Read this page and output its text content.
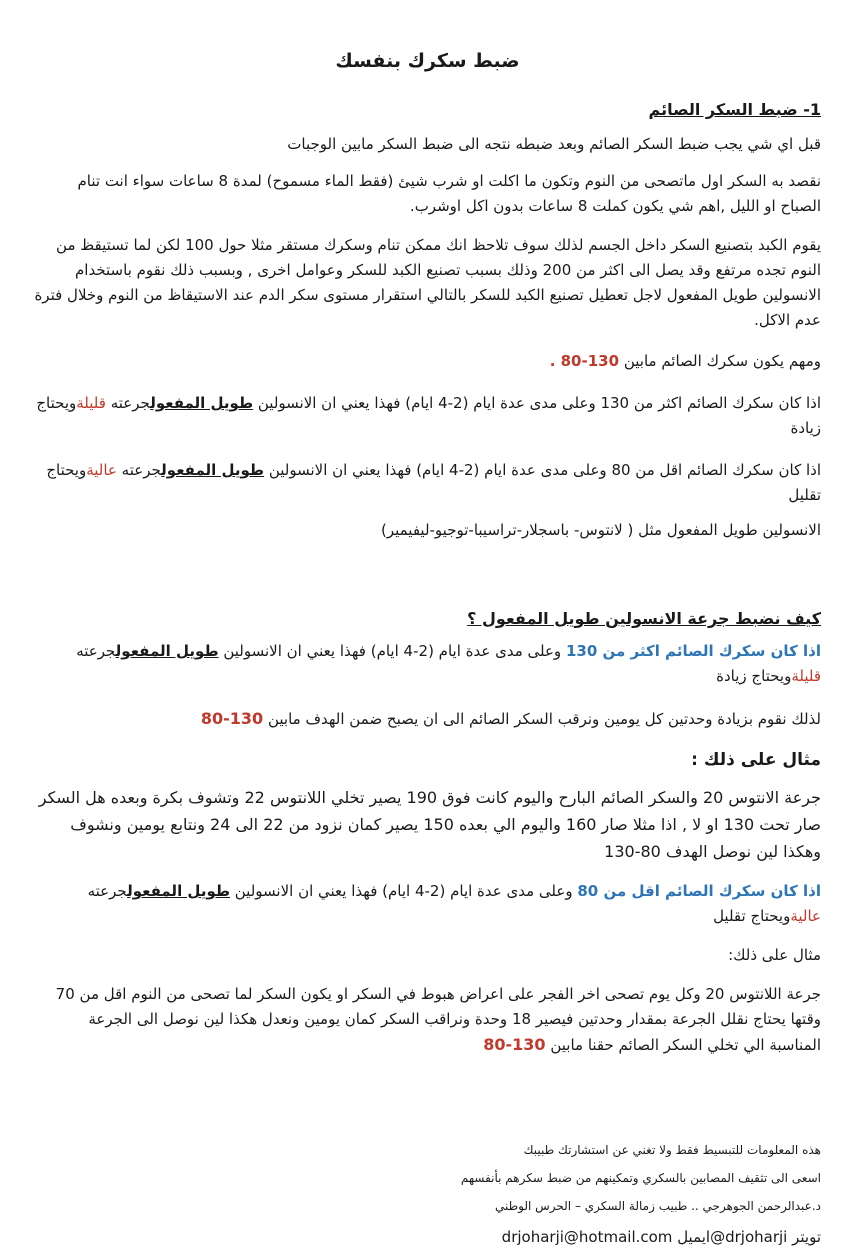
ضبط سكرك بنفسك
1- ضبط السكر الصائم

قبل اي شي يجب ضبط السكر الصائم وبعد ضبطه نتجه الى ضبط السكر مابين الوجبات

نقصد به السكر اول ماتصحى من النوم وتكون ما اكلت او شرب شيئ (فقط الماء مسموح) لمدة 8 ساعات سواء انت تنام الصباح او الليل ,اهم شي يكون كملت 8 ساعات بدون اكل اوشرب.

يقوم الكبد بتصنيع السكر داخل الجسم لذلك سوف تلاحظ انك ممكن تنام وسكرك مستقر مثلا حول 100 لكن لما تستيقظ من النوم تجده مرتفع وقد يصل الى اكثر من 200 وذلك بسبب تصنيع الكبد للسكر وعوامل اخرى , وبسبب ذلك نقوم باستخدام الانسولين طويل المفعول لاجل تعطيل تصنيع الكبد للسكر بالتالي استقرار مستوى سكر الدم عند الاستيقاظ من النوم وخلال فترة عدم الاكل.

ومهم يكون سكرك الصائم مابين 130-80 .

اذا كان سكرك الصائم اكثر من 130 وعلى مدى عدة ايام (2-4 ايام) فهذا يعني ان الانسولين طويل المفعولجرعته قليلةويحتاج زيادة

اذا كان سكرك الصائم اقل من 80 وعلى مدى عدة ايام (2-4 ايام) فهذا يعني ان الانسولين طويل المفعولجرعته عاليةويحتاج تقليل

الانسولين طويل المفعول مثل ( لانتوس- باسجلار-تراسيبا-توجيو-ليفيمير)

كيف نضبط جرعة الانسولين طويل المفعول ؟

اذا كان سكرك الصائم اكثر من 130 وعلى مدى عدة ايام (2-4 ايام) فهذا يعني ان الانسولين طويل المفعولجرعته قليلةويحتاج زيادة

لذلك نقوم بزيادة وحدتين كل يومين ونرقب السكر الصائم الى ان يصبح ضمن الهدف مابين 130-80

مثال على ذلك :

جرعة الانتوس 20 والسكر الصائم البارح واليوم كانت فوق 190 يصير تخلي اللانتوس 22 وتشوف بكرة وبعده هل السكر صار تحت 130 او لا , اذا مثلا صار 160 واليوم الي بعده 150 يصير كمان نزود من 22 الى 24 ونتابع يومين ونشوف وهكذا لين نوصل الهدف 80-130

اذا كان سكرك الصائم اقل من 80 وعلى مدى عدة ايام (2-4 ايام) فهذا يعني ان الانسولين طويل المفعولجرعته عاليةويحتاج تقليل

مثال على ذلك:

جرعة اللانتوس 20 وكل يوم تصحى اخر الفجر على اعراض هبوط في السكر او يكون السكر لما تصحى من النوم اقل من 70 وقتها يحتاج نقلل الجرعة بمقدار وحدتين فيصير 18 وحدة ونراقب السكر كمان يومين ونعدل هكذا لين نوصل الى الجرعة المناسبة الي تخلي السكر الصائم حقنا مابين 130-80

هذه المعلومات للتبسيط فقط ولا تغني عن استشارتك طبيبك

اسعى الى تثقيف المصابين بالسكري وتمكينهم من ضبط سكرهم بأنفسهم

د.عبدالرحمن الجوهرجي .. طبيب زمالة السكري – الحرس الوطني

تويتر drjoharji@ايميل drjoharji@hotmail.com
